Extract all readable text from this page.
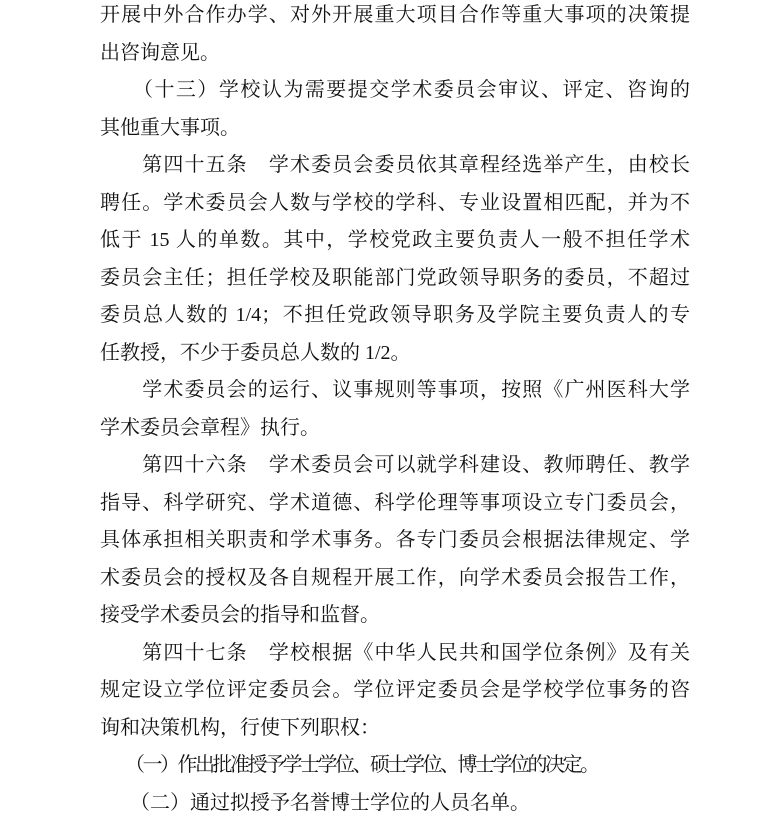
开展中外合作办学、对外开展重大项目合作等重大事项的决策提
出咨询意见。
　　（十三）学校认为需要提交学术委员会审议、评定、咨询的
其他重大事项。
　　第四十五条　学术委员会委员依其章程经选举产生，由校长
聘任。学术委员会人数与学校的学科、专业设置相匹配，并为不
低于 15 人的单数。其中，学校党政主要负责人一般不担任学术
委员会主任；担任学校及职能部门党政领导职务的委员，不超过
委员总人数的 1/4；不担任党政领导职务及学院主要负责人的专
任教授，不少于委员总人数的 1/2。
　　学术委员会的运行、议事规则等事项，按照《广州医科大学
学术委员会章程》执行。
　　第四十六条　学术委员会可以就学科建设、教师聘任、教学
指导、科学研究、学术道德、科学伦理等事项设立专门委员会，
具体承担相关职责和学术事务。各专门委员会根据法律规定、学
术委员会的授权及各自规程开展工作，向学术委员会报告工作，
接受学术委员会的指导和监督。
　　第四十七条　学校根据《中华人民共和国学位条例》及有关
规定设立学位评定委员会。学位评定委员会是学校学位事务的咨
询和决策机构，行使下列职权：
　　（一）作出批准授予学士学位、硕士学位、博士学位的决定。
　　（二）通过拟授予名誉博士学位的人员名单。
